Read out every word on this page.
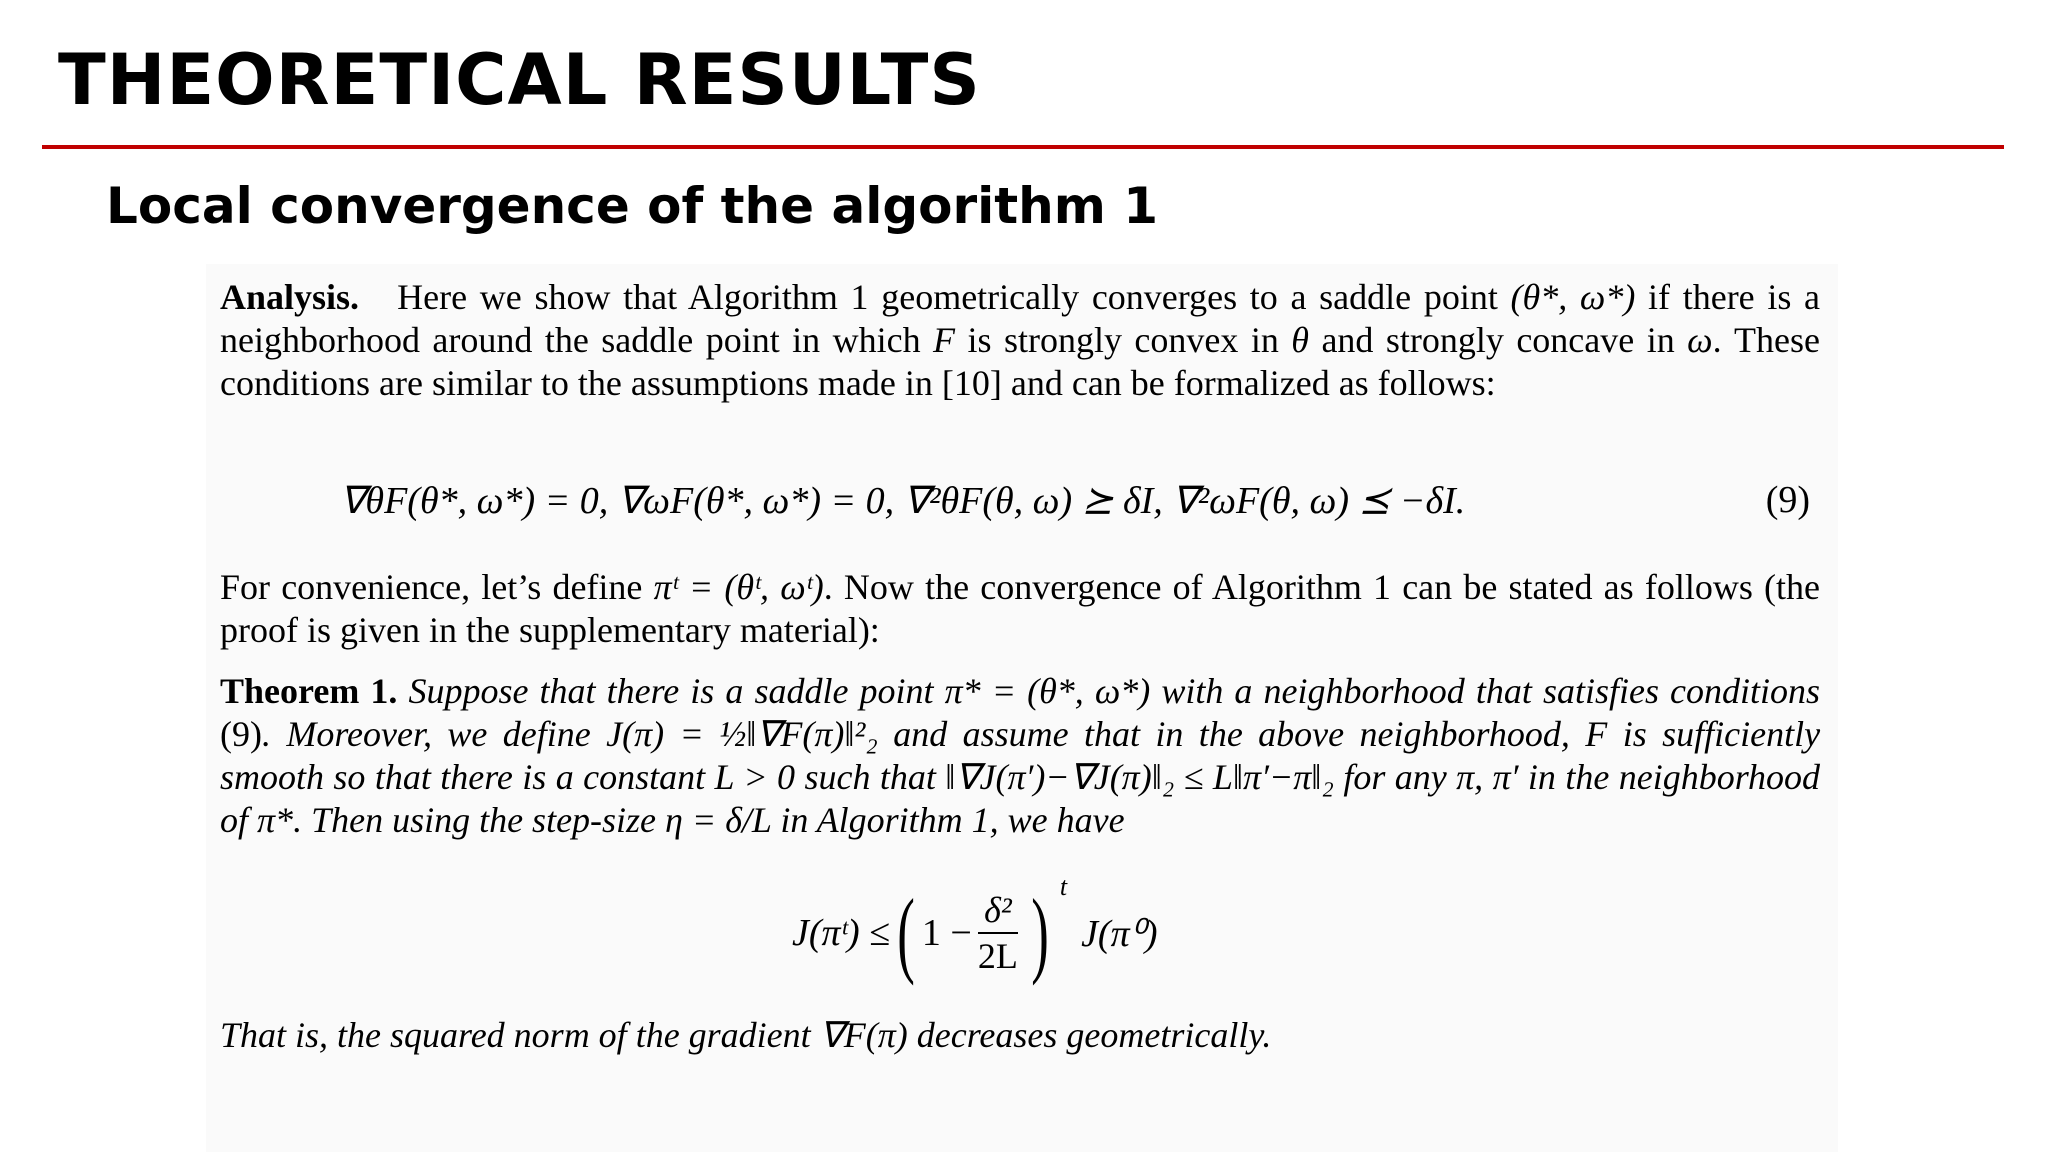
THEORETICAL RESULTS
Local convergence of the algorithm 1
Analysis. Here we show that Algorithm 1 geometrically converges to a saddle point (θ*, ω*) if there is a neighborhood around the saddle point in which F is strongly convex in θ and strongly concave in ω. These conditions are similar to the assumptions made in [10] and can be formalized as follows:
∇θF(θ*, ω*) = 0, ∇ωF(θ*, ω*) = 0, ∇²θF(θ, ω) ⪰ δI, ∇²ωF(θ, ω) ⪯ −δI.	(9)
For convenience, let’s define πᵗ = (θᵗ, ωᵗ). Now the convergence of Algorithm 1 can be stated as follows (the proof is given in the supplementary material):
Theorem 1. Suppose that there is a saddle point π* = (θ*, ω*) with a neighborhood that satisfies conditions (9). Moreover, we define J(π) = ½‖∇F(π)‖²₂ and assume that in the above neighborhood, F is sufficiently smooth so that there is a constant L > 0 such that ‖∇J(π′)−∇J(π)‖₂ ≤ L‖π′−π‖₂ for any π, π′ in the neighborhood of π*. Then using the step-size η = δ/L in Algorithm 1, we have
J(πᵗ) ≤ ( $1 - \frac{\text{δ²}}{2L}$ ) t
J(π⁰)
That is, the squared norm of the gradient ∇F(π) decreases geometrically.
